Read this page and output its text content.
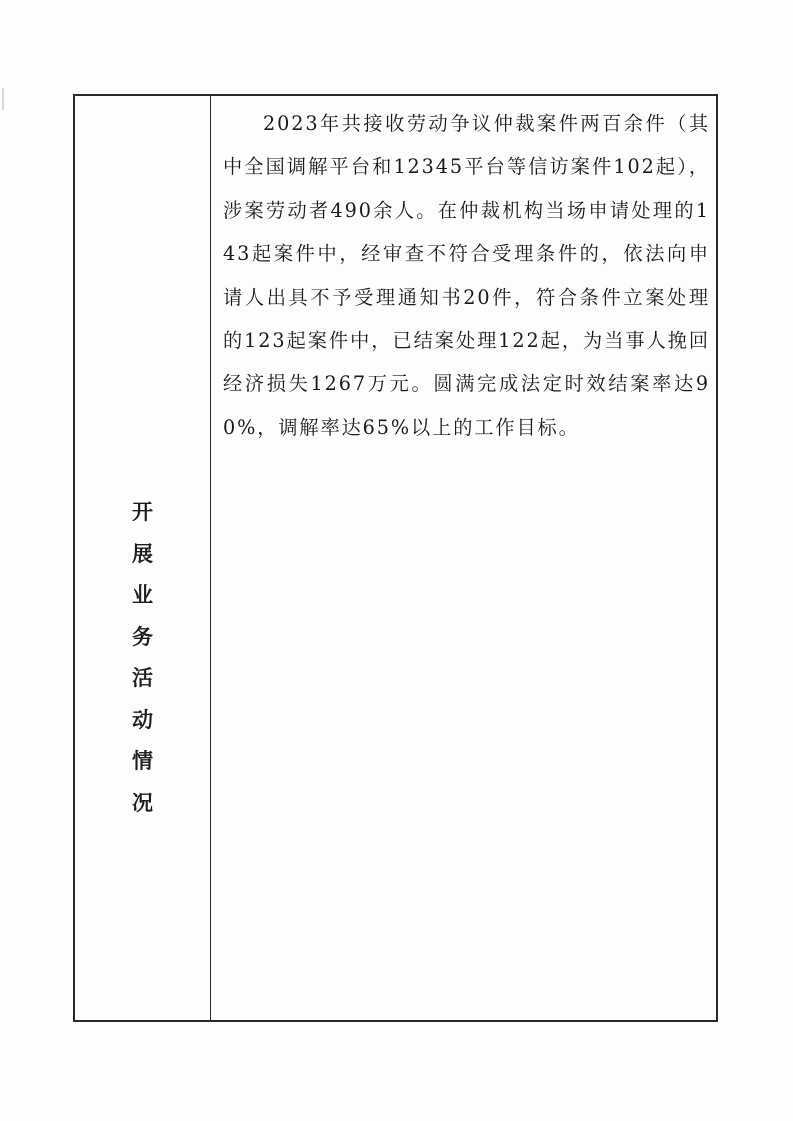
开
展
业
务
活
动
情
况

2023年共接收劳动争议仲裁案件两百余件（其中全国调解平台和12345平台等信访案件102起），涉案劳动者490余人。在仲裁机构当场申请处理的143起案件中，经审查不符合受理条件的，依法向申请人出具不予受理通知书20件，符合条件立案处理的123起案件中，已结案处理122起，为当事人挽回经济损失1267万元。圆满完成法定时效结案率达90%，调解率达65%以上的工作目标。
